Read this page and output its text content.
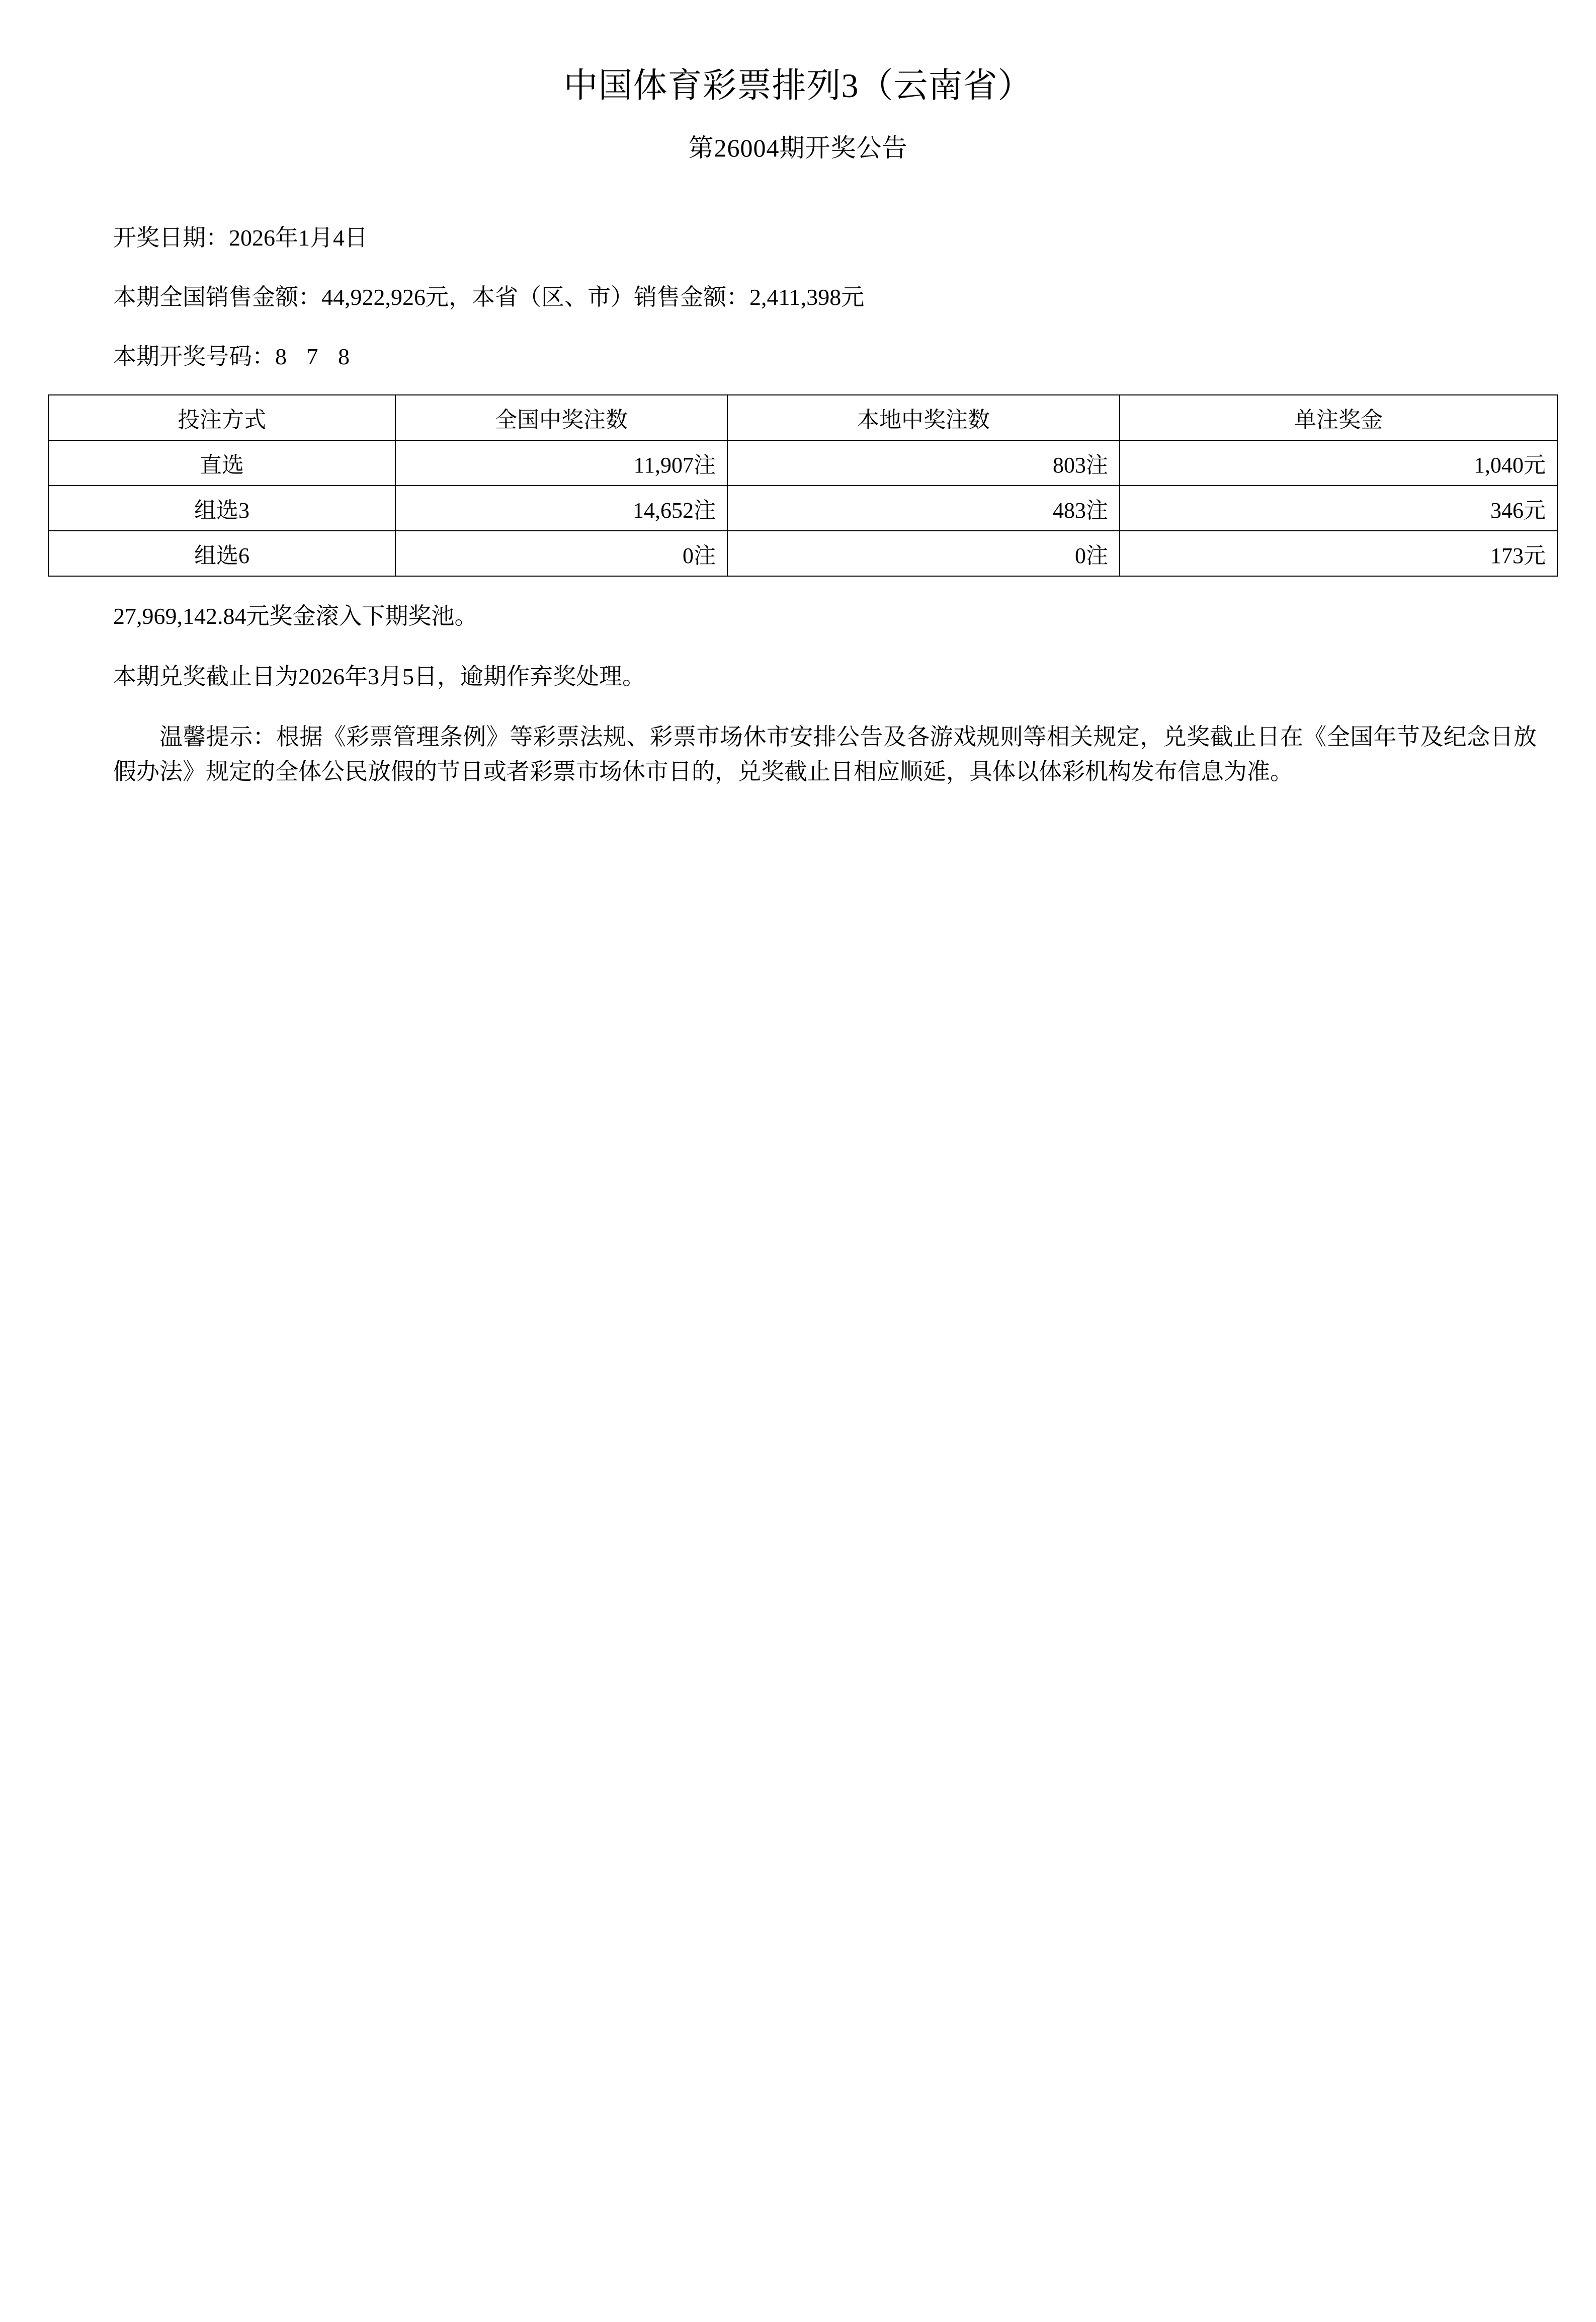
中国体育彩票排列3（云南省）
第26004期开奖公告

开奖日期：2026年1月4日

本期全国销售金额：44,922,926元，本省（区、市）销售金额：2,411,398元

本期开奖号码：8 7 8

投注方式	全国中奖注数	本地中奖注数	单注奖金
直选	11,907注	803注	1,040元
组选3	14,652注	483注	346元
组选6	0注	0注	173元

27,969,142.84元奖金滚入下期奖池。

本期兑奖截止日为2026年3月5日，逾期作弃奖处理。

温馨提示：根据《彩票管理条例》等彩票法规、彩票市场休市安排公告及各游戏规则等相关规定，兑奖截止日在《全国年节及纪念日放假办法》规定的全体公民放假的节日或者彩票市场休市日的，兑奖截止日相应顺延，具体以体彩机构发布信息为准。
